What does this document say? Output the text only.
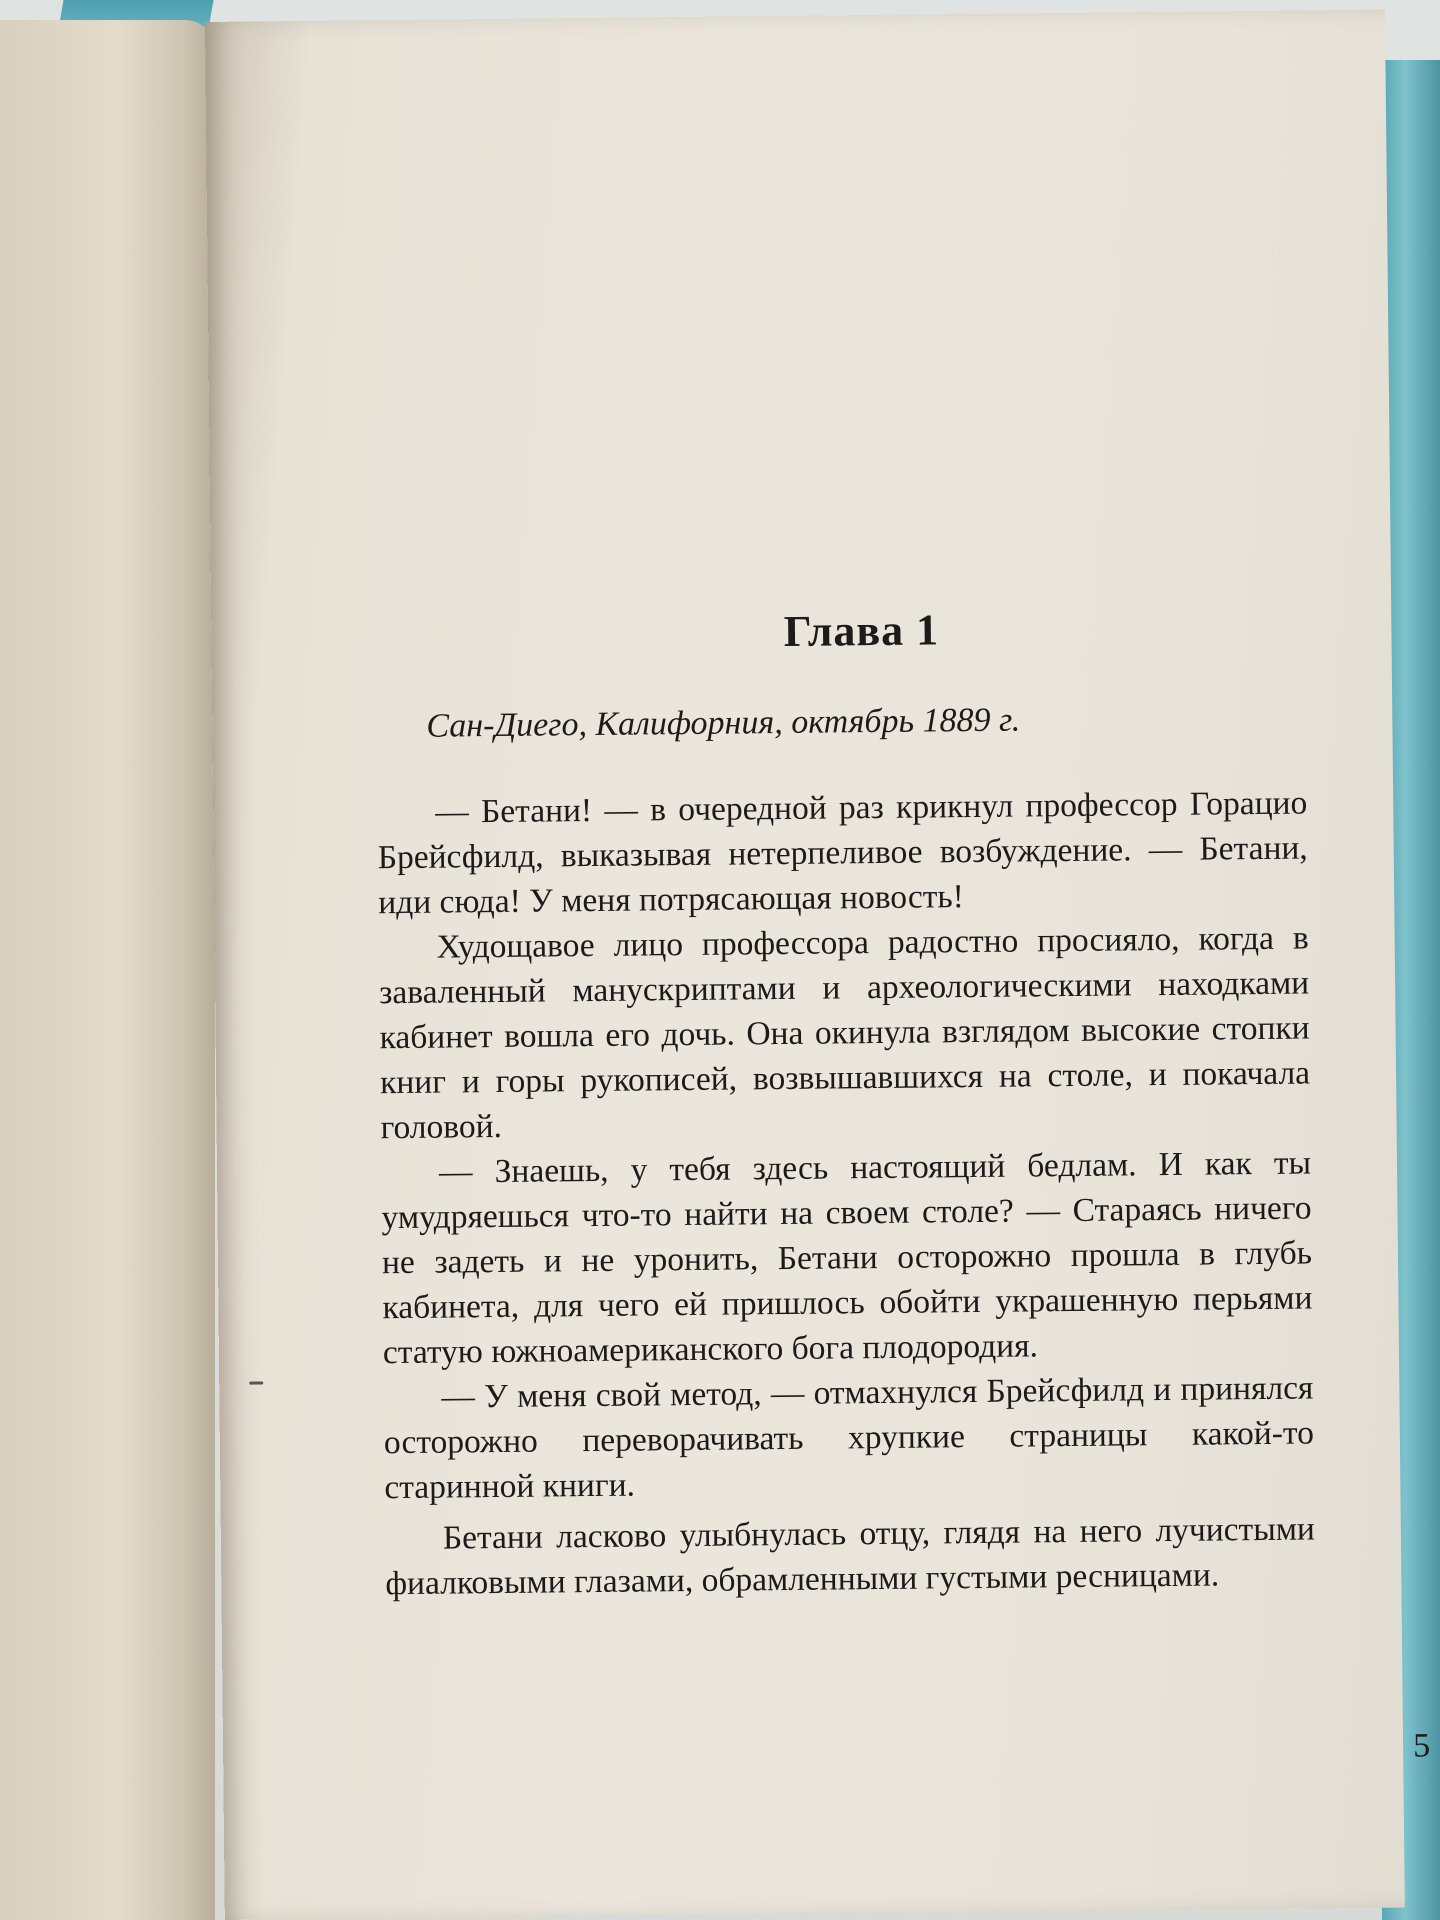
Глава 1
Сан-Диего, Калифорния, октябрь 1889 г.

— Бетани! — в очередной раз крикнул профессор Горацио Брейсфилд, выказывая нетерпеливое возбуждение. — Бетани, иди сюда! У меня потрясающая новость!

Худощавое лицо профессора радостно просияло, когда в заваленный манускриптами и археологическими находками кабинет вошла его дочь. Она окинула взглядом высокие стопки книг и горы рукописей, возвышавшихся на столе, и покачала головой.

— Знаешь, у тебя здесь настоящий бедлам. И как ты умудряешься что-то найти на своем столе? — Стараясь ничего не задеть и не уронить, Бетани осторожно прошла в глубь кабинета, для чего ей пришлось обойти украшенную перьями статую южноамериканского бога плодородия.

— У меня свой метод, — отмахнулся Брейсфилд и принялся осторожно переворачивать хрупкие страницы какой-то старинной книги.

Бетани ласково улыбнулась отцу, глядя на него лучистыми фиалковыми глазами, обрамленными густыми ресницами.

5
